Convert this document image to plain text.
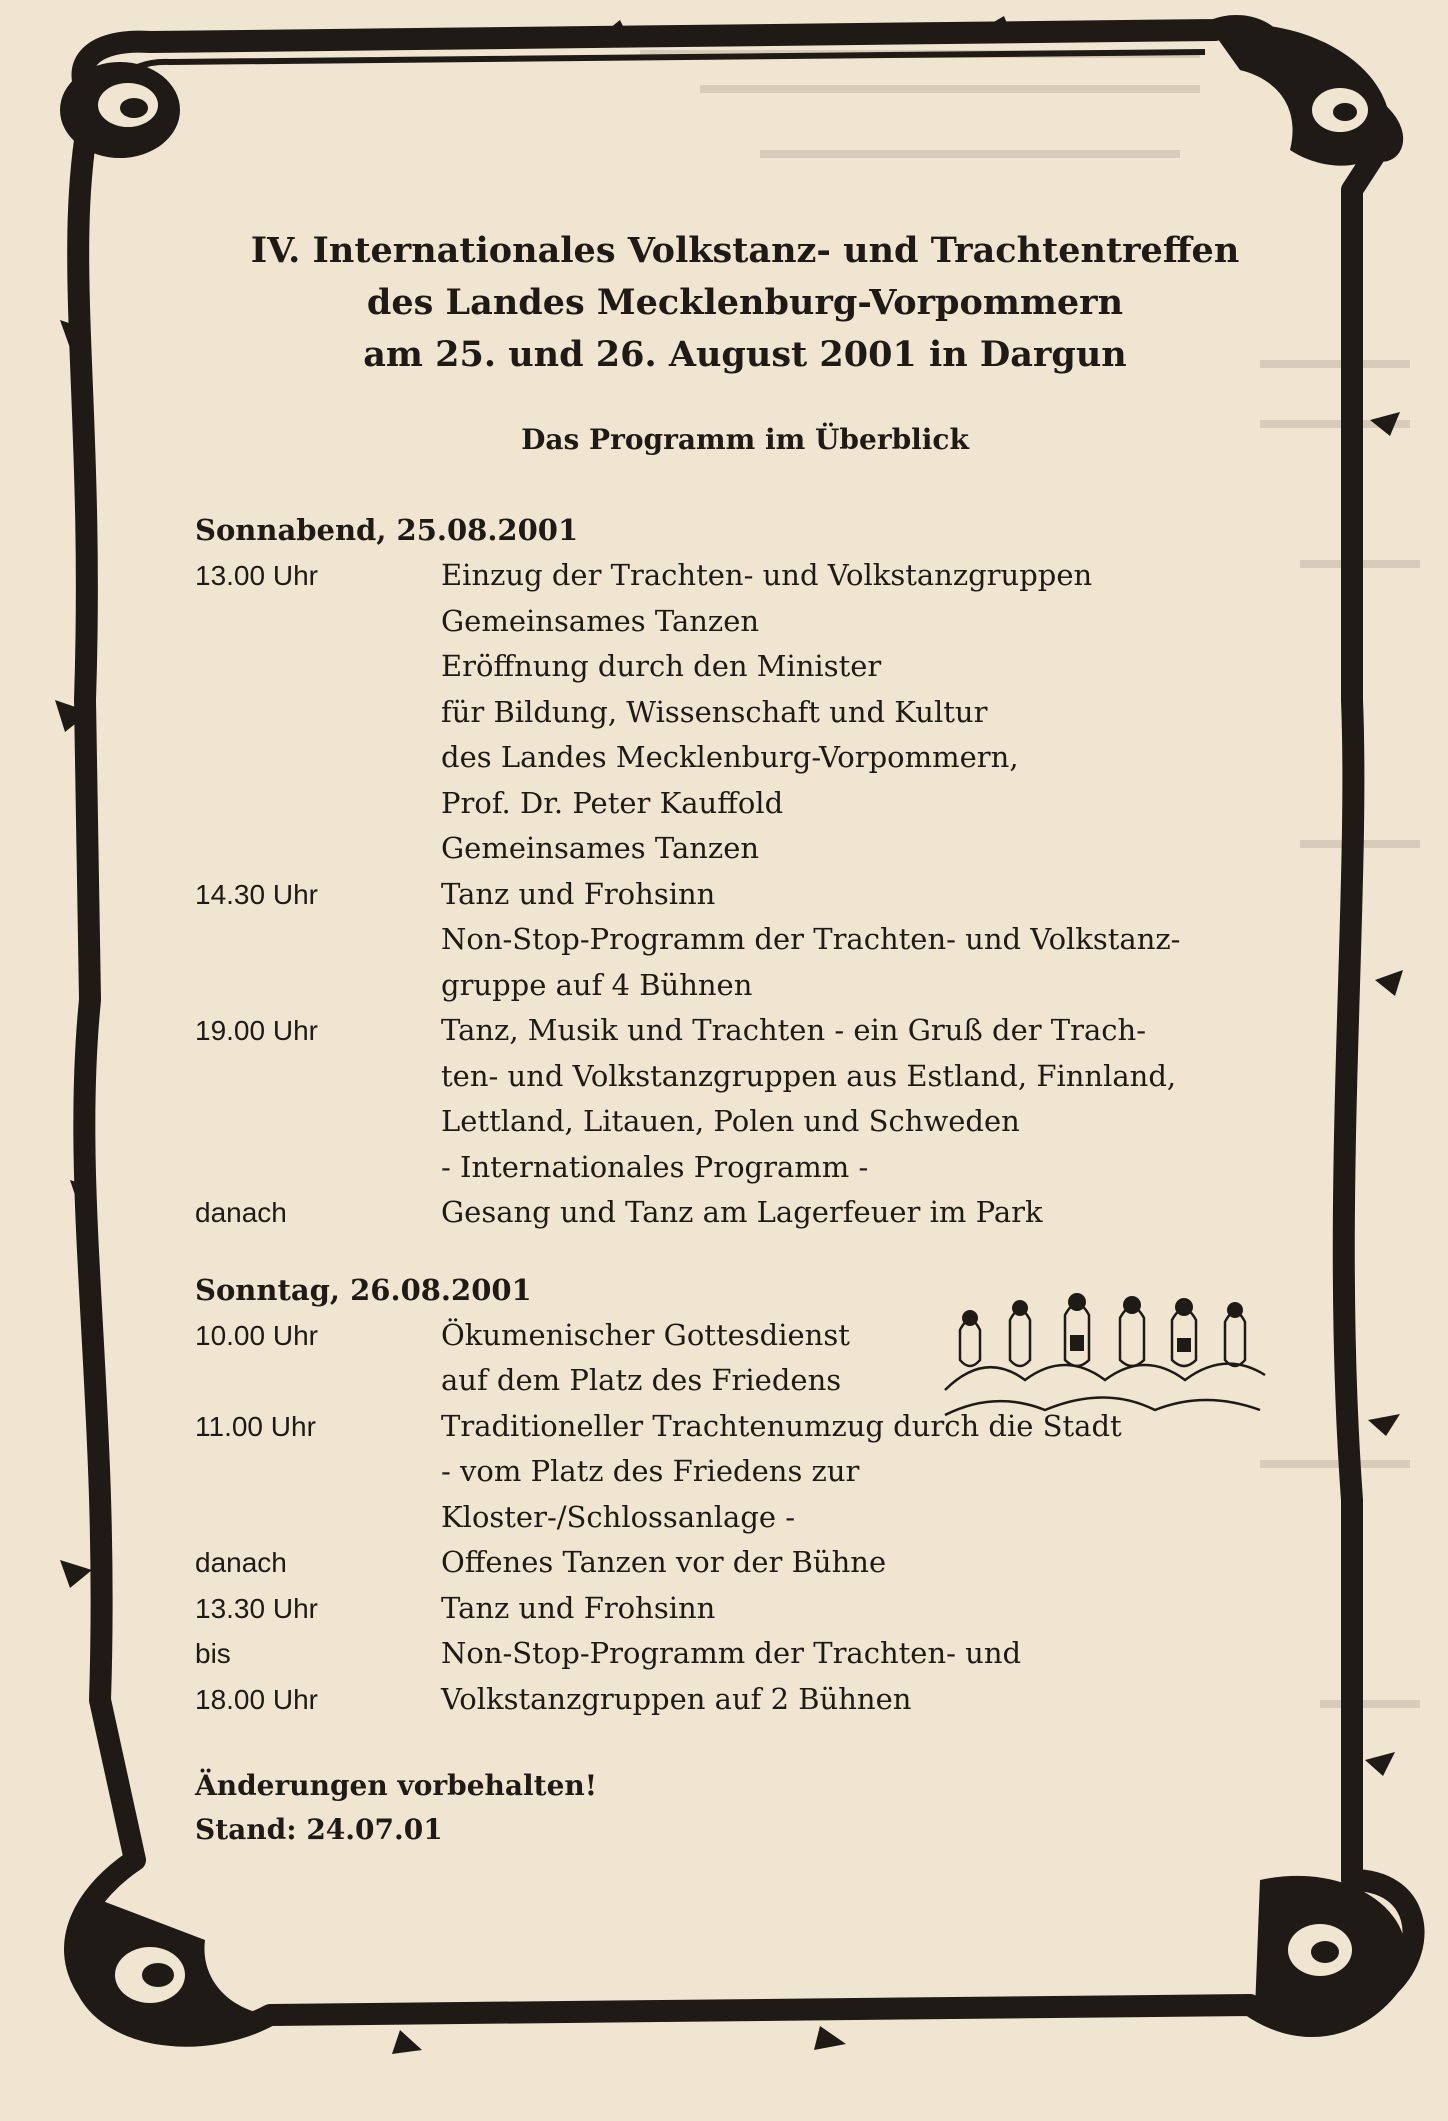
IV. Internationales Volkstanz- und Trachtentreffen

des Landes Mecklenburg-Vorpommern

am 25. und 26. August 2001 in Dargun

Das Programm im Überblick

Sonnabend, 25.08.2001
13.00 Uhr	Einzug der Trachten- und Volkstanzgruppen
Gemeinsames Tanzen
Eröffnung durch den Minister
für Bildung, Wissenschaft und Kultur
des Landes Mecklenburg-Vorpommern,
Prof. Dr. Peter Kauffold
Gemeinsames Tanzen
14.30 Uhr	Tanz und Frohsinn
Non-Stop-Programm der Trachten- und Volkstanz-
gruppe auf 4 Bühnen
19.00 Uhr	Tanz, Musik und Trachten - ein Gruß der Trach-
ten- und Volkstanzgruppen aus Estland, Finnland,
Lettland, Litauen, Polen und Schweden
- Internationales Programm -
danach	Gesang und Tanz am Lagerfeuer im Park
Sonntag, 26.08.2001
10.00 Uhr	Ökumenischer Gottesdienst
auf dem Platz des Friedens
11.00 Uhr	Traditioneller Trachtenumzug durch die Stadt
- vom Platz des Friedens zur
Kloster-/Schlossanlage -
danach	Offenes Tanzen vor der Bühne
13.30 Uhr	Tanz und Frohsinn
bis	Non-Stop-Programm der Trachten- und
18.00 Uhr	Volkstanzgruppen auf 2 Bühnen
Änderungen vorbehalten!
Stand: 24.07.01
